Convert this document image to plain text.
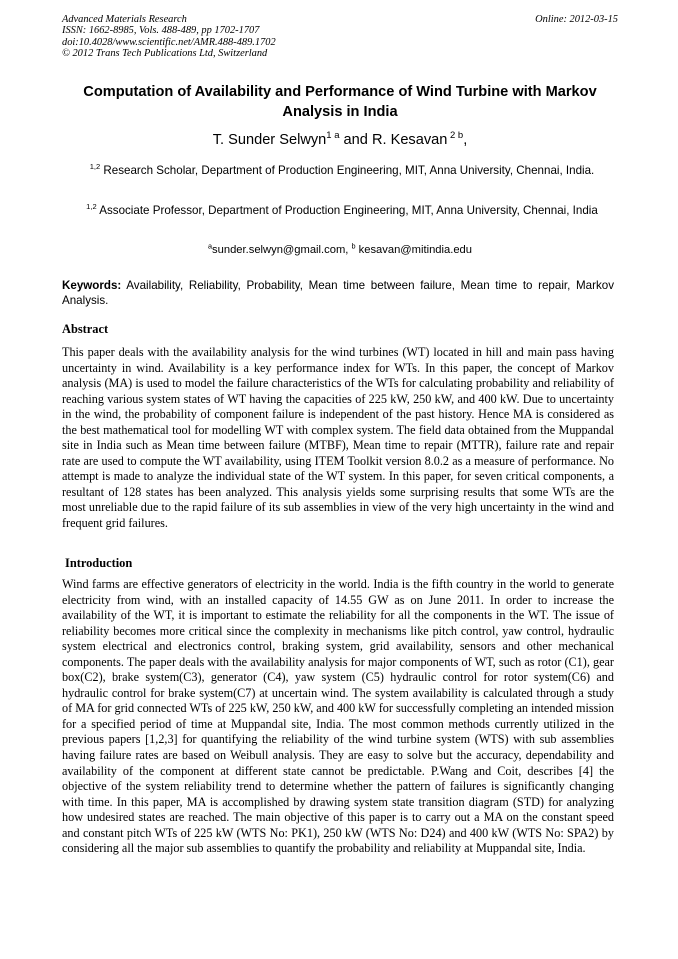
Advanced Materials Research
ISSN: 1662-8985, Vols. 488-489, pp 1702-1707
doi:10.4028/www.scientific.net/AMR.488-489.1702
© 2012 Trans Tech Publications Ltd, Switzerland
Online: 2012-03-15
Computation of Availability and Performance of Wind Turbine with Markov Analysis in India
T. Sunder Selwyn$^{1 a}$ and R. Kesavan $^{2 b}$,
$^{1,2}$ Research Scholar, Department of Production Engineering, MIT, Anna University, Chennai, India.
$^{1,2}$ Associate Professor, Department of Production Engineering, MIT, Anna University, Chennai, India
$^a$sunder.selwyn@gmail.com, $^b$ kesavan@mitindia.edu
Keywords: Availability, Reliability, Probability, Mean time between failure, Mean time to repair, Markov Analysis.
Abstract
This paper deals with the availability analysis for the wind turbines (WT) located in hill and main pass having uncertainty in wind. Availability is a key performance index for WTs. In this paper, the concept of Markov analysis (MA) is used to model the failure characteristics of the WTs for calculating probability and reliability of reaching various system states of WT having the capacities of 225 kW, 250 kW, and 400 kW. Due to uncertainty in the wind, the probability of component failure is independent of the past history. Hence MA is considered as the best mathematical tool for modelling WT with complex system. The field data obtained from the Muppandal site in India such as Mean time between failure (MTBF), Mean time to repair (MTTR), failure rate and repair rate are used to compute the WT availability, using ITEM Toolkit version 8.0.2 as a measure of performance. No attempt is made to analyze the individual state of the WT system. In this paper, for seven critical components, a resultant of 128 states has been analyzed. This analysis yields some surprising results that some WTs are the most unreliable due to the rapid failure of its sub assemblies in view of the very high uncertainty in the wind and frequent grid failures.
Introduction
Wind farms are effective generators of electricity in the world. India is the fifth country in the world to generate electricity from wind, with an installed capacity of 14.55 GW as on June 2011. In order to increase the availability of the WT, it is important to estimate the reliability for all the components in the WT. The issue of reliability becomes more critical since the complexity in mechanisms like pitch control, yaw control, hydraulic system electrical and electronics control, braking system, grid availability, sensors and other mechanical components. The paper deals with the availability analysis for major components of WT, such as rotor (C1), gear box(C2), brake system(C3), generator (C4), yaw system (C5) hydraulic control for rotor system(C6) and hydraulic control for brake system(C7) at uncertain wind. The system availability is calculated through a study of MA for grid connected WTs of 225 kW, 250 kW, and 400 kW for successfully completing an intended mission for a specified period of time at Muppandal site, India. The most common methods currently utilized in the previous papers [1,2,3] for quantifying the reliability of the wind turbine system (WTS) with sub assemblies having failure rates are based on Weibull analysis. They are easy to solve but the accuracy, dependability and availability of the component at different state cannot be predictable. P.Wang and Coit, describes [4] the objective of the system reliability trend to determine whether the pattern of failures is significantly changing with time. In this paper, MA is accomplished by drawing system state transition diagram (STD) for analyzing how undesired states are reached. The main objective of this paper is to carry out a MA on the constant speed and constant pitch WTs of 225 kW (WTS No: PK1), 250 kW (WTS No: D24) and 400 kW (WTS No: SPA2) by considering all the major sub assemblies to quantify the probability and reliability at Muppandal site, India.
